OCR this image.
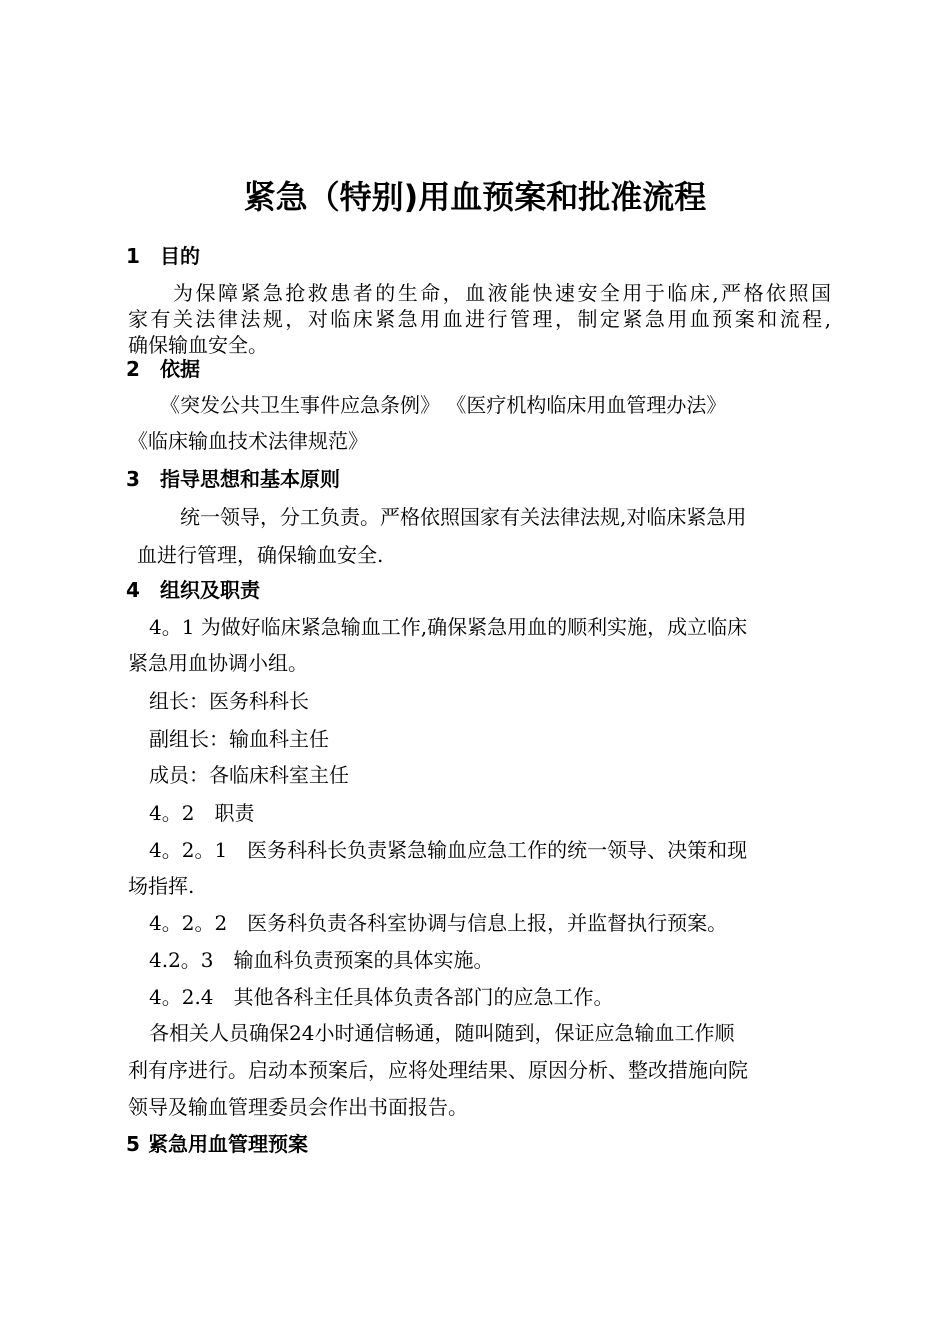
紧急（特别)用血预案和批准流程
1 目的
为保障紧急抢救患者的生命，血液能快速安全用于临床,严格依照国
家有关法律法规，对临床紧急用血进行管理，制定紧急用血预案和流程,
确保输血安全。
2 依据
《突发公共卫生事件应急条例》 《医疗机构临床用血管理办法》
《临床输血技术法律规范》
3 指导思想和基本原则
统一领导，分工负责。严格依照国家有关法律法规,对临床紧急用
血进行管理，确保输血安全.
4 组织及职责
4。1 为做好临床紧急输血工作,确保紧急用血的顺利实施，成立临床
紧急用血协调小组。
组长：医务科科长
副组长：输血科主任
成员：各临床科室主任
4。2　职责
4。2。1　医务科科长负责紧急输血应急工作的统一领导、决策和现
场指挥.
4。2。2　医务科负责各科室协调与信息上报，并监督执行预案。
4.2。3　输血科负责预案的具体实施。
4。2.4　其他各科主任具体负责各部门的应急工作。
各相关人员确保24小时通信畅通，随叫随到，保证应急输血工作顺
利有序进行。启动本预案后，应将处理结果、原因分析、整改措施向院
领导及输血管理委员会作出书面报告。
5 紧急用血管理预案
